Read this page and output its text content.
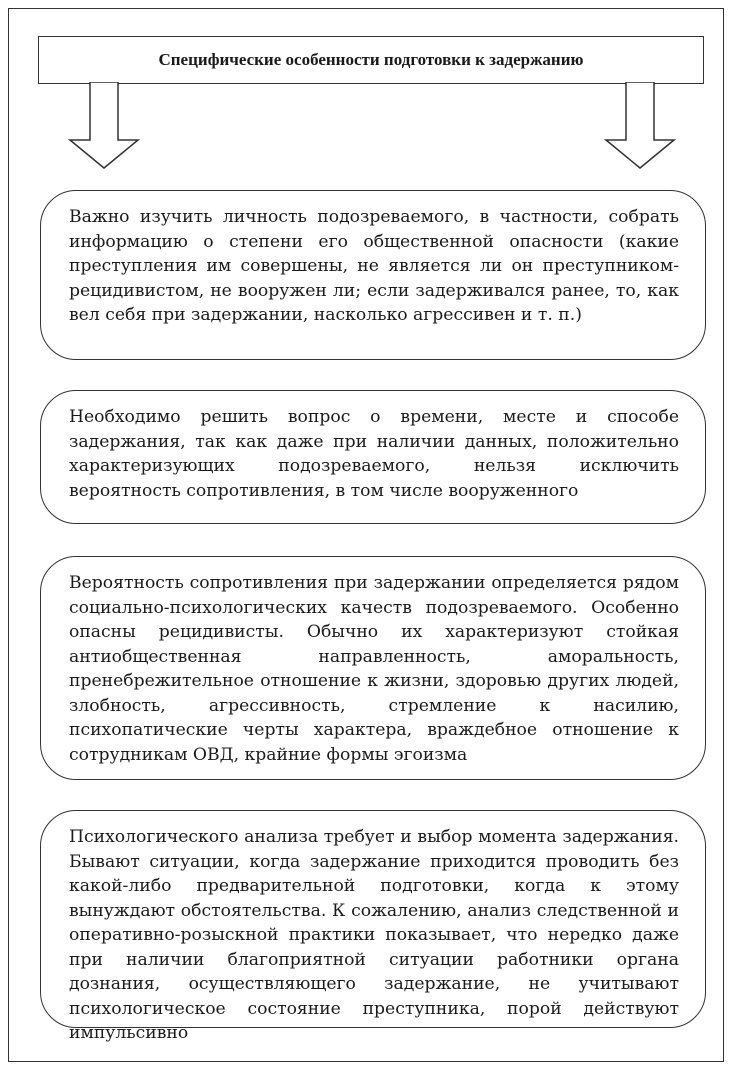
Специфические особенности подготовки к задержанию

Важно изучить личность подозреваемого, в частности, собрать информацию о степени его общественной опасности (какие преступления им совершены, не является ли он преступником-рецидивистом, не вооружен ли; если задерживался ранее, то, как вел себя при задержании, насколько агрессивен и т. п.)

Необходимо решить вопрос о времени, месте и способе задержания, так как даже при наличии данных, положительно характеризующих подозреваемого, нельзя исключить вероятность сопротивления, в том числе вооруженного

Вероятность сопротивления при задержании определяется рядом социально-психологических качеств подозреваемого. Особенно опасны рецидивисты. Обычно их характеризуют стойкая антиобщественная направленность, аморальность, пренебрежительное отношение к жизни, здоровью других людей, злобность, агрессивность, стремление к насилию, психопатические черты характера, враждебное отношение к сотрудникам ОВД, крайние формы эгоизма

Психологического анализа требует и выбор момента задержания. Бывают ситуации, когда задержание приходится проводить без какой-либо предварительной подготовки, когда к этому вынуждают обстоятельства. К сожалению, анализ следственной и оперативно-розыскной практики показывает, что нередко даже при наличии благоприятной ситуации работники органа дознания, осуществляющего задержание, не учитывают психологическое состояние преступника, порой действуют импульсивно
